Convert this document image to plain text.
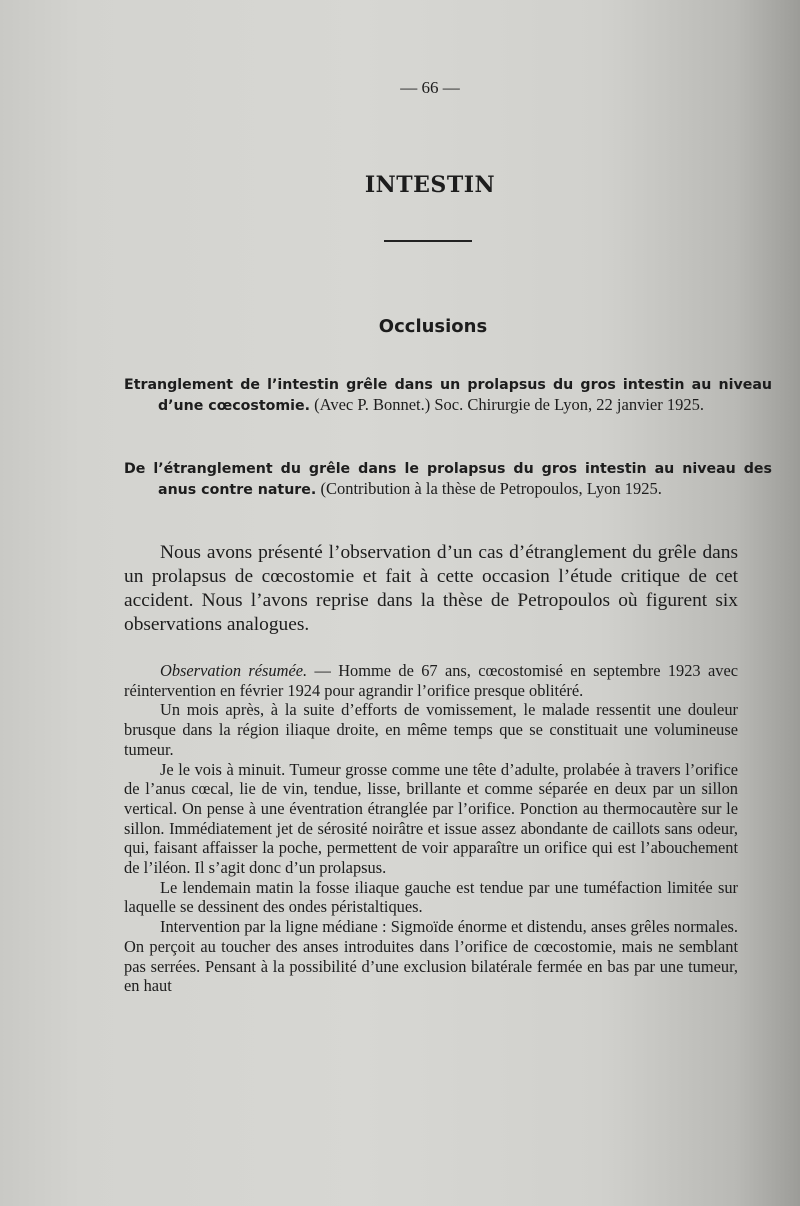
— 66 —
INTESTIN
Occlusions
Etranglement de l’intestin grêle dans un prolapsus du gros intestin au niveau d’une cœcostomie. (Avec P. Bonnet.) Soc. Chirurgie de Lyon, 22 janvier 1925.
De l’étranglement du grêle dans le prolapsus du gros intestin au niveau des anus contre nature. (Contribution à la thèse de Petropoulos, Lyon 1925.

Nous avons présenté l’observation d’un cas d’étranglement du grêle dans un prolapsus de cœcostomie et fait à cette occasion l’étude critique de cet accident. Nous l’avons reprise dans la thèse de Petropoulos où figurent six observations analogues.

Observation résumée. — Homme de 67 ans, cœcostomisé en septembre 1923 avec réintervention en février 1924 pour agrandir l’orifice presque oblitéré.

Un mois après, à la suite d’efforts de vomissement, le malade ressentit une douleur brusque dans la région iliaque droite, en même temps que se constituait une volumineuse tumeur.

Je le vois à minuit. Tumeur grosse comme une tête d’adulte, prolabée à travers l’orifice de l’anus cœcal, lie de vin, tendue, lisse, brillante et comme séparée en deux par un sillon vertical. On pense à une éventration étranglée par l’orifice. Ponction au thermocautère sur le sillon. Immédiatement jet de sérosité noirâtre et issue assez abondante de caillots sans odeur, qui, faisant affaisser la poche, permettent de voir apparaître un orifice qui est l’abouchement de l’iléon. Il s’agit donc d’un prolapsus.

Le lendemain matin la fosse iliaque gauche est tendue par une tuméfaction limitée sur laquelle se dessinent des ondes péristaltiques.

Intervention par la ligne médiane : Sigmoïde énorme et distendu, anses grêles normales. On perçoit au toucher des anses introduites dans l’orifice de cœcostomie, mais ne semblant pas serrées. Pensant à la possibilité d’une exclusion bilatérale fermée en bas par une tumeur, en haut
